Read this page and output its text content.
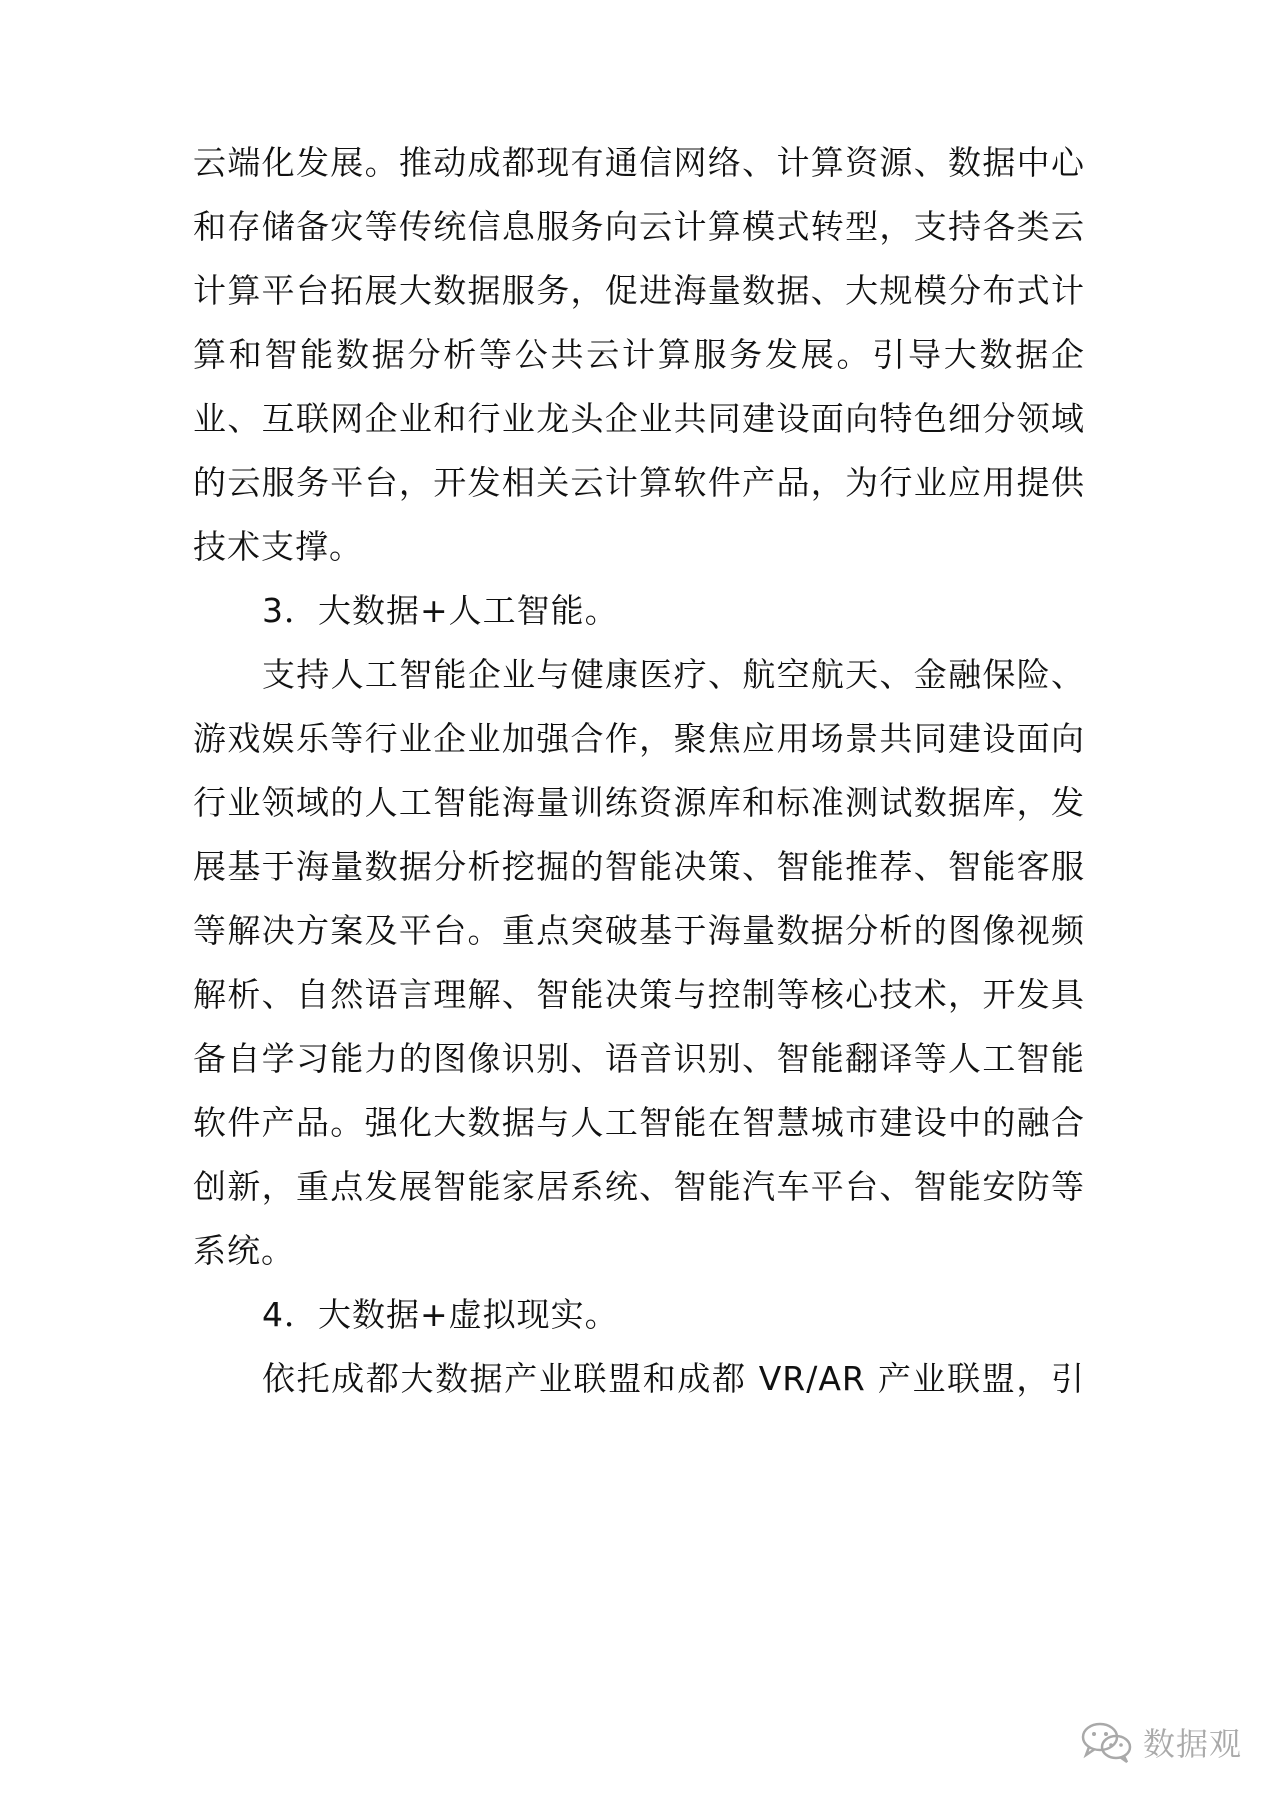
云端化发展。推动成都现有通信网络、计算资源、数据中心
和存储备灾等传统信息服务向云计算模式转型，支持各类云
计算平台拓展大数据服务，促进海量数据、大规模分布式计
算和智能数据分析等公共云计算服务发展。引导大数据企
业、互联网企业和行业龙头企业共同建设面向特色细分领域
的云服务平台，开发相关云计算软件产品，为行业应用提供
技术支撑。
3．大数据+人工智能。
支持人工智能企业与健康医疗、航空航天、金融保险、
游戏娱乐等行业企业加强合作，聚焦应用场景共同建设面向
行业领域的人工智能海量训练资源库和标准测试数据库，发
展基于海量数据分析挖掘的智能决策、智能推荐、智能客服
等解决方案及平台。重点突破基于海量数据分析的图像视频
解析、自然语言理解、智能决策与控制等核心技术，开发具
备自学习能力的图像识别、语音识别、智能翻译等人工智能
软件产品。强化大数据与人工智能在智慧城市建设中的融合
创新，重点发展智能家居系统、智能汽车平台、智能安防等
系统。
4．大数据+虚拟现实。
依托成都大数据产业联盟和成都 VR/AR 产业联盟，引
数据观
